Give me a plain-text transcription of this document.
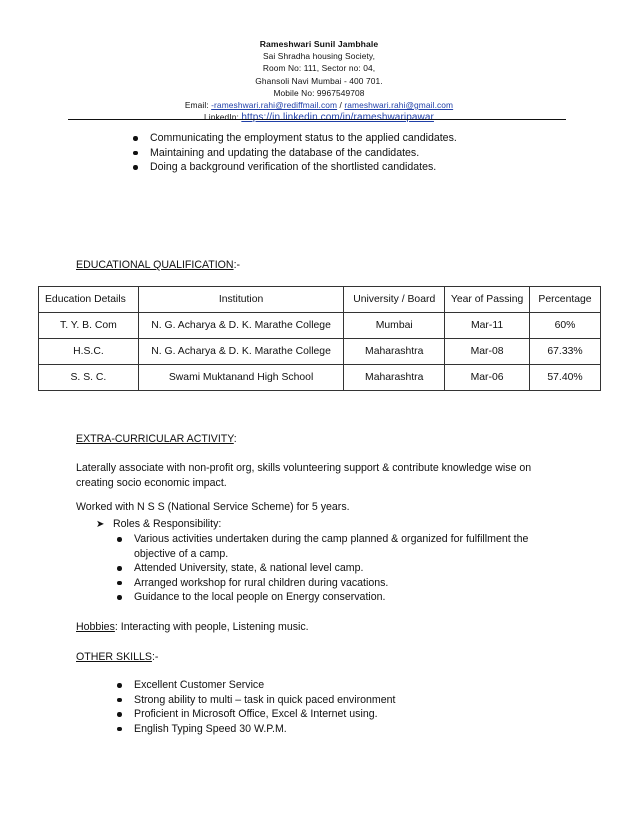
Rameshwari Sunil Jambhale
Sai Shradha housing Society,
Room No: 111, Sector no: 04,
Ghansoli Navi Mumbai - 400 701.
Mobile No: 9967549708
Email: -rameshwari.rahi@rediffmail.com / rameshwari.rahi@gmail.com
LinkedIn: https://in.linkedin.com/in/rameshwaripawar
Communicating the employment status to the applied candidates.
Maintaining and updating the database of the candidates.
Doing a background verification of the shortlisted candidates.
EDUCATIONAL QUALIFICATION:-
Education Details	Institution	University / Board	Year of Passing	Percentage
T. Y. B. Com	N. G. Acharya & D. K. Marathe College	Mumbai	Mar-11	60%
H.S.C.	N. G. Acharya & D. K. Marathe College	Maharashtra	Mar-08	67.33%
S. S. C.	Swami Muktanand High School	Maharashtra	Mar-06	57.40%
EXTRA-CURRICULAR ACTIVITY:
Laterally associate with non-profit org, skills volunteering support & contribute knowledge wise on
creating socio economic impact.
Worked with N S S (National Service Scheme) for 5 years.
➤ Roles & Responsibility:
Various activities undertaken during the camp planned & organized for fulfillment the
objective of a camp.
Attended University, state, & national level camp.
Arranged workshop for rural children during vacations.
Guidance to the local people on Energy conservation.
Hobbies: Interacting with people, Listening music.
OTHER SKILLS:-
Excellent Customer Service
Strong ability to multi – task in quick paced environment
Proficient in Microsoft Office, Excel & Internet using.
English Typing Speed 30 W.P.M.
